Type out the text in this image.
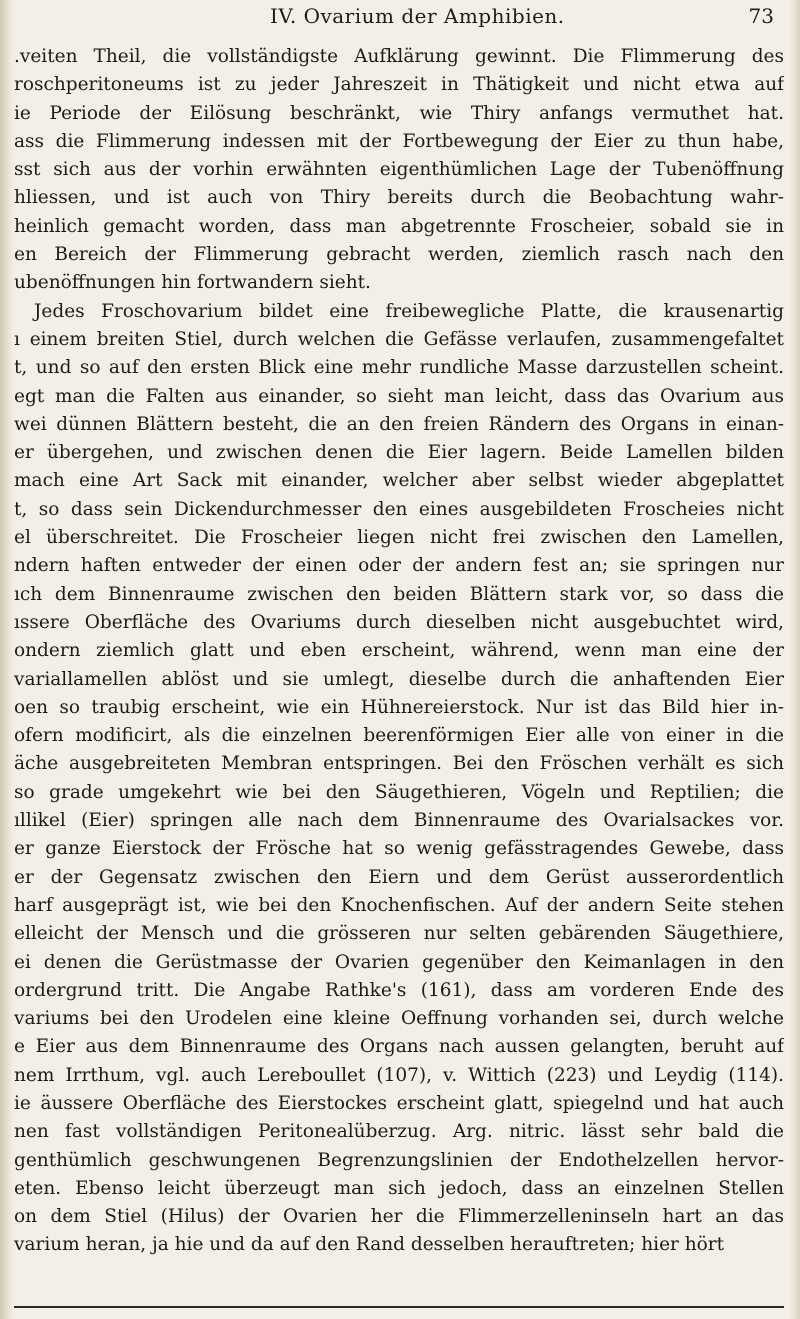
IV. Ovarium der Amphibien.	73
.veiten Theil, die vollständigste Aufklärung gewinnt. Die Flimmerung des
roschperitoneums ist zu jeder Jahreszeit in Thätigkeit und nicht etwa auf
ie Periode der Eilösung beschränkt, wie Thiry anfangs vermuthet hat.
ass die Flimmerung indessen mit der Fortbewegung der Eier zu thun habe,
sst sich aus der vorhin erwähnten eigenthümlichen Lage der Tubenöffnung
hliessen, und ist auch von Thiry bereits durch die Beobachtung wahr-
heinlich gemacht worden, dass man abgetrennte Froscheier, sobald sie in
en Bereich der Flimmerung gebracht werden, ziemlich rasch nach den
ubenöffnungen hin fortwandern sieht.
Jedes Froschovarium bildet eine freibewegliche Platte, die krausenartig
ı einem breiten Stiel, durch welchen die Gefässe verlaufen, zusammengefaltet
t, und so auf den ersten Blick eine mehr rundliche Masse darzustellen scheint.
egt man die Falten aus einander, so sieht man leicht, dass das Ovarium aus
wei dünnen Blättern besteht, die an den freien Rändern des Organs in einan-
er übergehen, und zwischen denen die Eier lagern. Beide Lamellen bilden
mach eine Art Sack mit einander, welcher aber selbst wieder abgeplattet
t, so dass sein Dickendurchmesser den eines ausgebildeten Froscheies nicht
el überschreitet. Die Froscheier liegen nicht frei zwischen den Lamellen,
ndern haften entweder der einen oder der andern fest an; sie springen nur
ıch dem Binnenraume zwischen den beiden Blättern stark vor, so dass die
ıssere Oberfläche des Ovariums durch dieselben nicht ausgebuchtet wird,
ondern ziemlich glatt und eben erscheint, während, wenn man eine der
variallamellen ablöst und sie umlegt, dieselbe durch die anhaftenden Eier
oen so traubig erscheint, wie ein Hühnereierstock. Nur ist das Bild hier in-
ofern modificirt, als die einzelnen beerenförmigen Eier alle von einer in die
äche ausgebreiteten Membran entspringen. Bei den Fröschen verhält es sich
so grade umgekehrt wie bei den Säugethieren, Vögeln und Reptilien; die
ıllikel (Eier) springen alle nach dem Binnenraume des Ovarialsackes vor.
er ganze Eierstock der Frösche hat so wenig gefässtragendes Gewebe, dass
er der Gegensatz zwischen den Eiern und dem Gerüst ausserordentlich
harf ausgeprägt ist, wie bei den Knochenfischen. Auf der andern Seite stehen
elleicht der Mensch und die grösseren nur selten gebärenden Säugethiere,
ei denen die Gerüstmasse der Ovarien gegenüber den Keimanlagen in den
ordergrund tritt. Die Angabe Rathke's (161), dass am vorderen Ende des
variums bei den Urodelen eine kleine Oeffnung vorhanden sei, durch welche
e Eier aus dem Binnenraume des Organs nach aussen gelangten, beruht auf
nem Irrthum, vgl. auch Lereboullet (107), v. Wittich (223) und Leydig (114).
ie äussere Oberfläche des Eierstockes erscheint glatt, spiegelnd und hat auch
nen fast vollständigen Peritonealüberzug. Arg. nitric. lässt sehr bald die
genthümlich geschwungenen Begrenzungslinien der Endothelzellen hervor-
eten. Ebenso leicht überzeugt man sich jedoch, dass an einzelnen Stellen
on dem Stiel (Hilus) der Ovarien her die Flimmerzelleninseln hart an das
varium heran, ja hie und da auf den Rand desselben herauftreten; hier hört
